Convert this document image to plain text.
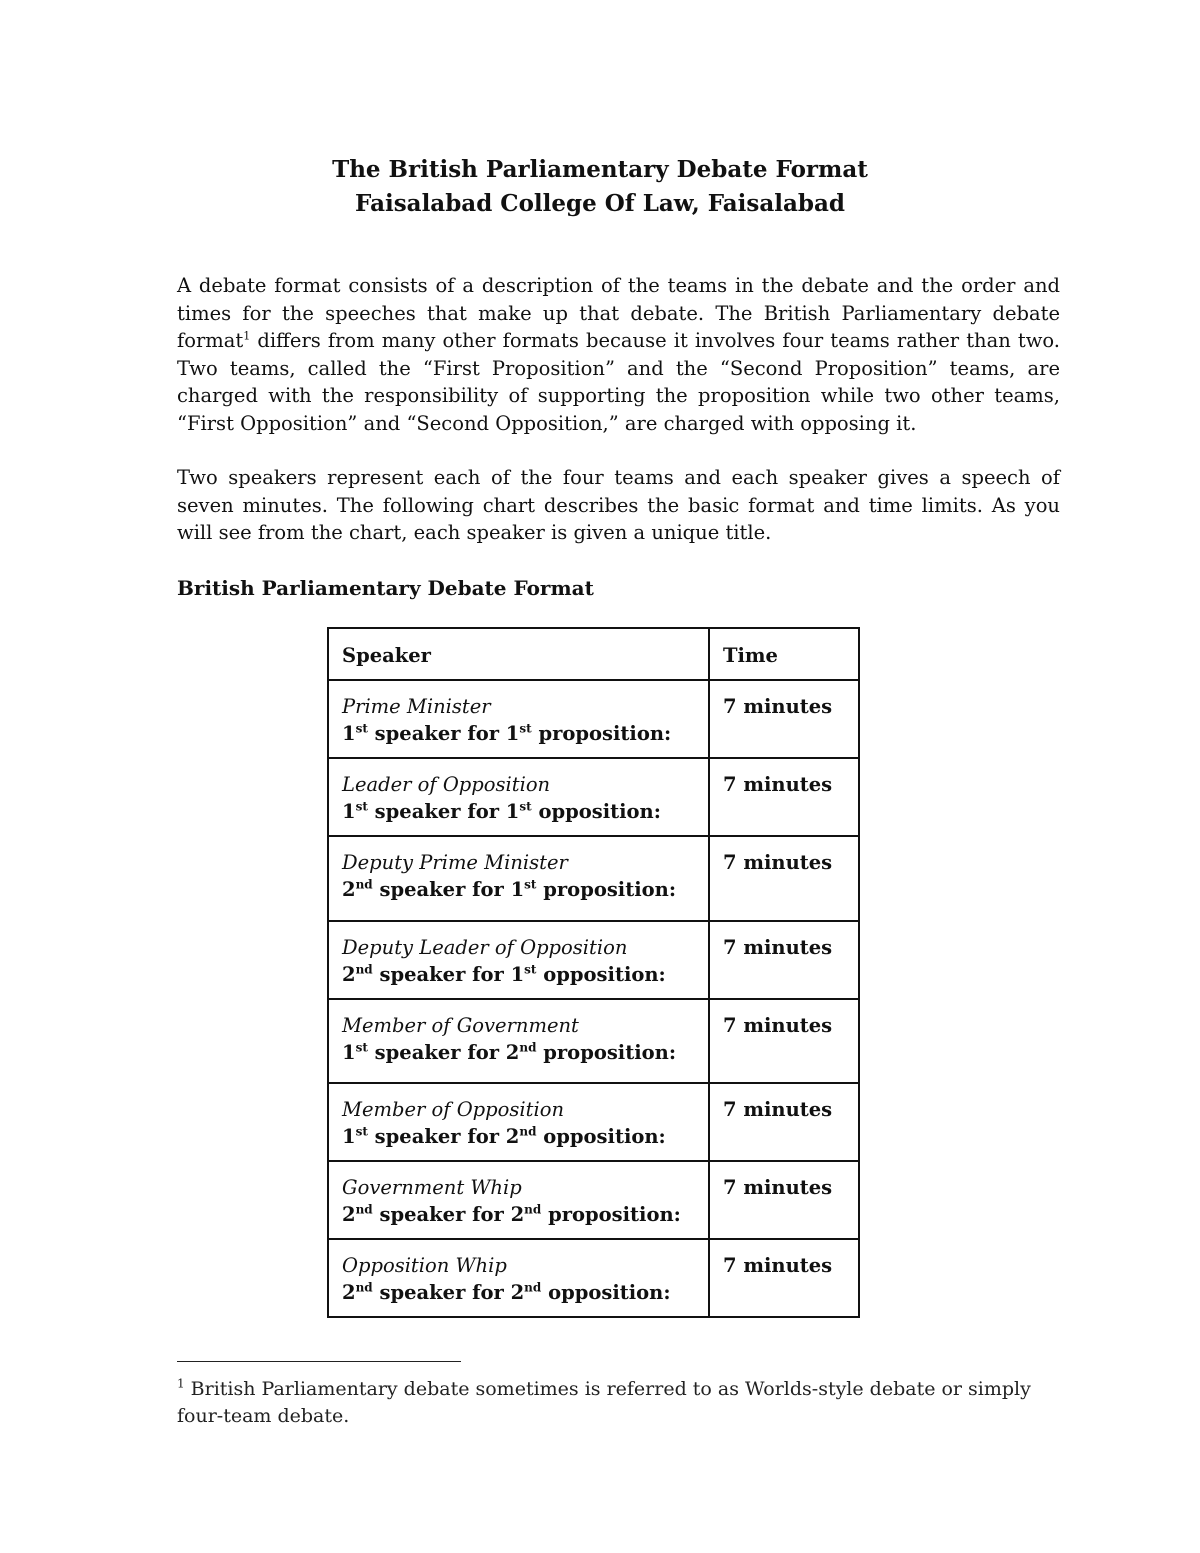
The British Parliamentary Debate Format
Faisalabad College Of Law, Faisalabad

A debate format consists of a description of the teams in the debate and the order and times for the speeches that make up that debate. The British Parliamentary debate format$^1$ differs from many other formats because it involves four teams rather than two. Two teams, called the “First Proposition” and the “Second Proposition” teams, are charged with the responsibility of supporting the proposition while two other teams, “First Opposition” and “Second Opposition,” are charged with opposing it.

Two speakers represent each of the four teams and each speaker gives a speech of seven minutes. The following chart describes the basic format and time limits. As you will see from the chart, each speaker is given a unique title.

British Parliamentary Debate Format
Speaker	Time

Prime Minister
1st speaker for 1st proposition:	7 minutes

Leader of Opposition
1st speaker for 1st opposition:	7 minutes

Deputy Prime Minister
2nd speaker for 1st proposition:	7 minutes

Deputy Leader of Opposition
2nd speaker for 1st opposition:	7 minutes

Member of Government
1st speaker for 2nd proposition:	7 minutes

Member of Opposition
1st speaker for 2nd opposition:	7 minutes

Government Whip
2nd speaker for 2nd proposition:	7 minutes

Opposition Whip
2nd speaker for 2nd opposition:	7 minutes
$^1$ British Parliamentary debate sometimes is referred to as Worlds-style debate or simply four-team debate.
